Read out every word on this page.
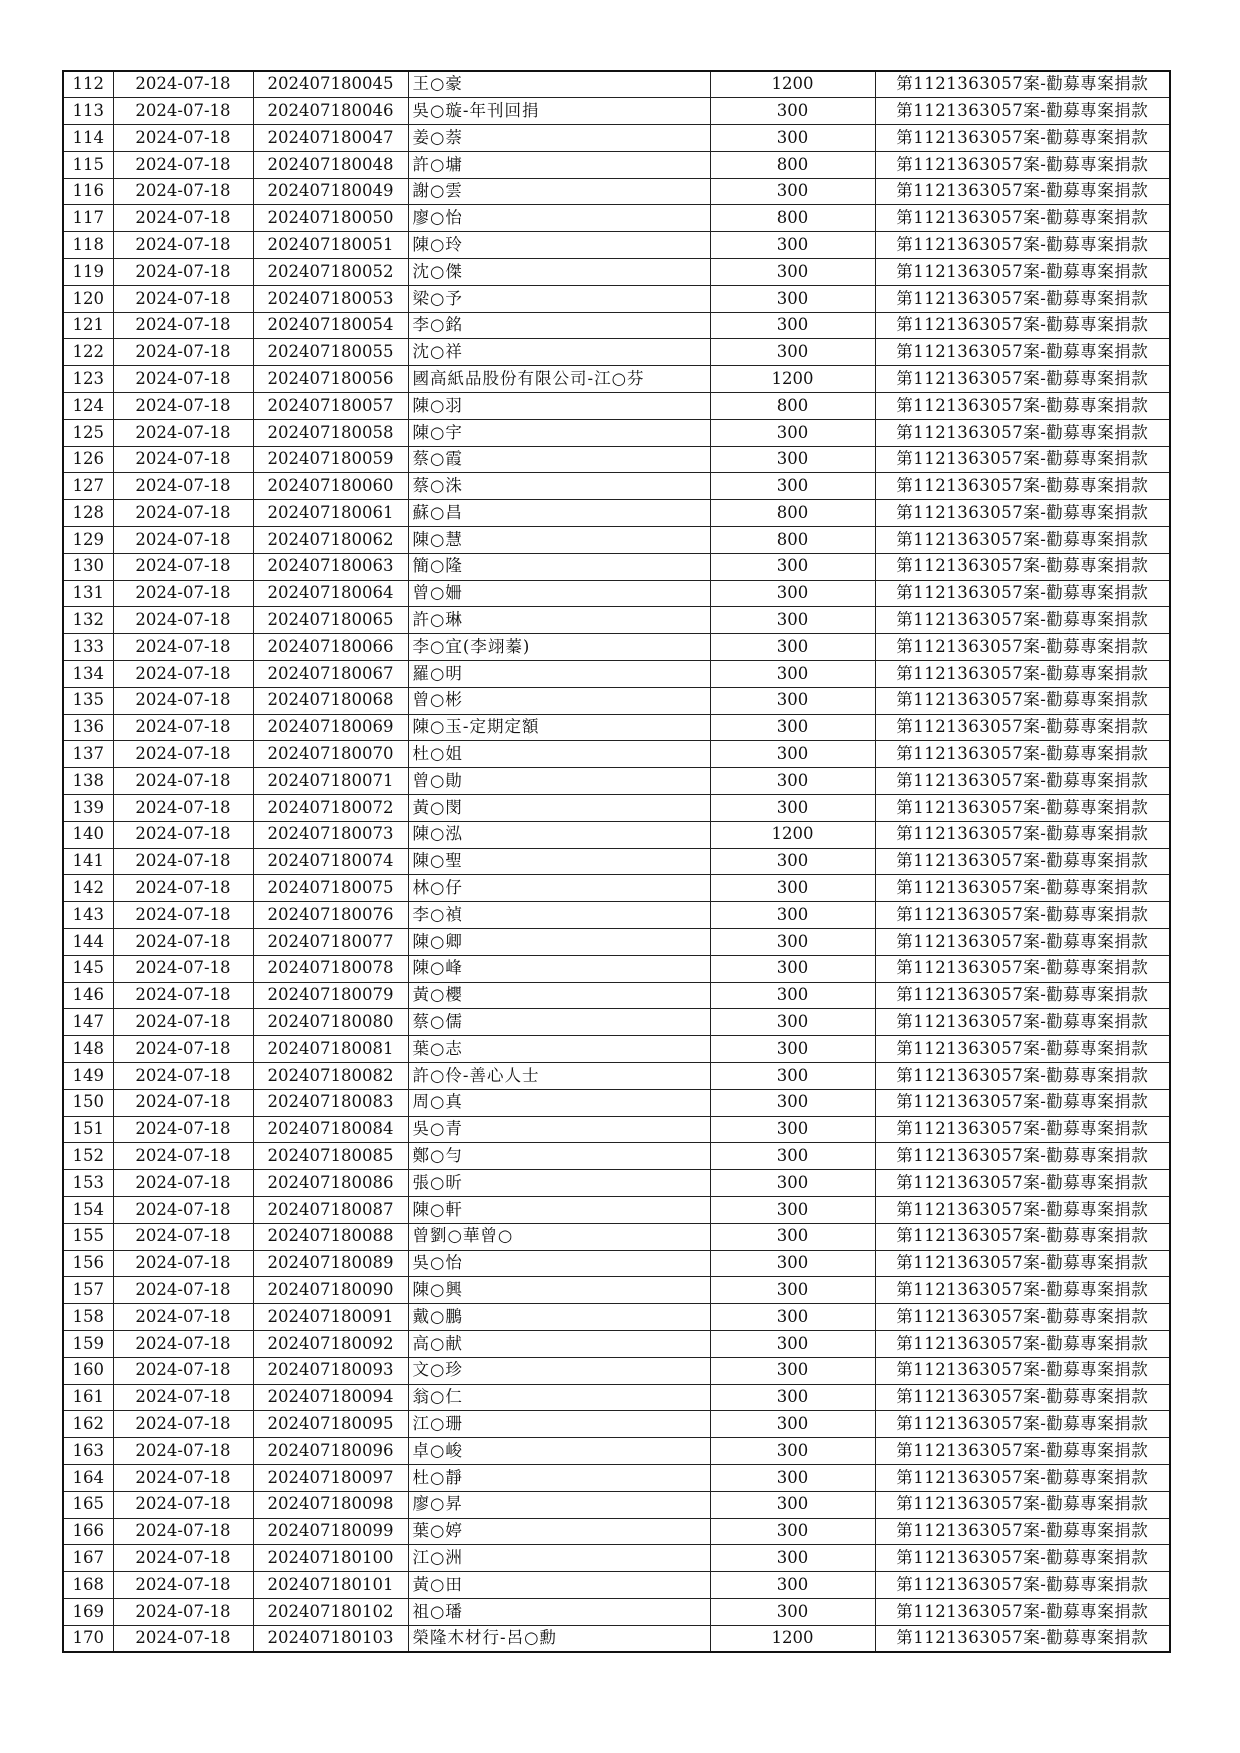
112	2024-07-18	202407180045	王○豪	1200	第1121363057案-勸募專案捐款
113	2024-07-18	202407180046	吳○璇-年刊回捐	300	第1121363057案-勸募專案捐款
114	2024-07-18	202407180047	姜○萘	300	第1121363057案-勸募專案捐款
115	2024-07-18	202407180048	許○墉	800	第1121363057案-勸募專案捐款
116	2024-07-18	202407180049	謝○雲	300	第1121363057案-勸募專案捐款
117	2024-07-18	202407180050	廖○怡	800	第1121363057案-勸募專案捐款
118	2024-07-18	202407180051	陳○玲	300	第1121363057案-勸募專案捐款
119	2024-07-18	202407180052	沈○傑	300	第1121363057案-勸募專案捐款
120	2024-07-18	202407180053	梁○予	300	第1121363057案-勸募專案捐款
121	2024-07-18	202407180054	李○銘	300	第1121363057案-勸募專案捐款
122	2024-07-18	202407180055	沈○祥	300	第1121363057案-勸募專案捐款
123	2024-07-18	202407180056	國高紙品股份有限公司-江○芬	1200	第1121363057案-勸募專案捐款
124	2024-07-18	202407180057	陳○羽	800	第1121363057案-勸募專案捐款
125	2024-07-18	202407180058	陳○宇	300	第1121363057案-勸募專案捐款
126	2024-07-18	202407180059	蔡○霞	300	第1121363057案-勸募專案捐款
127	2024-07-18	202407180060	蔡○洙	300	第1121363057案-勸募專案捐款
128	2024-07-18	202407180061	蘇○昌	800	第1121363057案-勸募專案捐款
129	2024-07-18	202407180062	陳○慧	800	第1121363057案-勸募專案捐款
130	2024-07-18	202407180063	簡○隆	300	第1121363057案-勸募專案捐款
131	2024-07-18	202407180064	曾○姍	300	第1121363057案-勸募專案捐款
132	2024-07-18	202407180065	許○琳	300	第1121363057案-勸募專案捐款
133	2024-07-18	202407180066	李○宜(李翊蓁)	300	第1121363057案-勸募專案捐款
134	2024-07-18	202407180067	羅○明	300	第1121363057案-勸募專案捐款
135	2024-07-18	202407180068	曾○彬	300	第1121363057案-勸募專案捐款
136	2024-07-18	202407180069	陳○玉-定期定額	300	第1121363057案-勸募專案捐款
137	2024-07-18	202407180070	杜○姐	300	第1121363057案-勸募專案捐款
138	2024-07-18	202407180071	曾○勛	300	第1121363057案-勸募專案捐款
139	2024-07-18	202407180072	黃○閔	300	第1121363057案-勸募專案捐款
140	2024-07-18	202407180073	陳○泓	1200	第1121363057案-勸募專案捐款
141	2024-07-18	202407180074	陳○聖	300	第1121363057案-勸募專案捐款
142	2024-07-18	202407180075	林○仔	300	第1121363057案-勸募專案捐款
143	2024-07-18	202407180076	李○禎	300	第1121363057案-勸募專案捐款
144	2024-07-18	202407180077	陳○卿	300	第1121363057案-勸募專案捐款
145	2024-07-18	202407180078	陳○峰	300	第1121363057案-勸募專案捐款
146	2024-07-18	202407180079	黃○櫻	300	第1121363057案-勸募專案捐款
147	2024-07-18	202407180080	蔡○儒	300	第1121363057案-勸募專案捐款
148	2024-07-18	202407180081	葉○志	300	第1121363057案-勸募專案捐款
149	2024-07-18	202407180082	許○伶-善心人士	300	第1121363057案-勸募專案捐款
150	2024-07-18	202407180083	周○真	300	第1121363057案-勸募專案捐款
151	2024-07-18	202407180084	吳○青	300	第1121363057案-勸募專案捐款
152	2024-07-18	202407180085	鄭○勻	300	第1121363057案-勸募專案捐款
153	2024-07-18	202407180086	張○昕	300	第1121363057案-勸募專案捐款
154	2024-07-18	202407180087	陳○軒	300	第1121363057案-勸募專案捐款
155	2024-07-18	202407180088	曾劉○華曾○	300	第1121363057案-勸募專案捐款
156	2024-07-18	202407180089	吳○怡	300	第1121363057案-勸募專案捐款
157	2024-07-18	202407180090	陳○興	300	第1121363057案-勸募專案捐款
158	2024-07-18	202407180091	戴○鵬	300	第1121363057案-勸募專案捐款
159	2024-07-18	202407180092	高○献	300	第1121363057案-勸募專案捐款
160	2024-07-18	202407180093	文○珍	300	第1121363057案-勸募專案捐款
161	2024-07-18	202407180094	翁○仁	300	第1121363057案-勸募專案捐款
162	2024-07-18	202407180095	江○珊	300	第1121363057案-勸募專案捐款
163	2024-07-18	202407180096	卓○峻	300	第1121363057案-勸募專案捐款
164	2024-07-18	202407180097	杜○靜	300	第1121363057案-勸募專案捐款
165	2024-07-18	202407180098	廖○昇	300	第1121363057案-勸募專案捐款
166	2024-07-18	202407180099	葉○婷	300	第1121363057案-勸募專案捐款
167	2024-07-18	202407180100	江○洲	300	第1121363057案-勸募專案捐款
168	2024-07-18	202407180101	黃○田	300	第1121363057案-勸募專案捐款
169	2024-07-18	202407180102	祖○璠	300	第1121363057案-勸募專案捐款
170	2024-07-18	202407180103	榮隆木材行-呂○勳	1200	第1121363057案-勸募專案捐款
